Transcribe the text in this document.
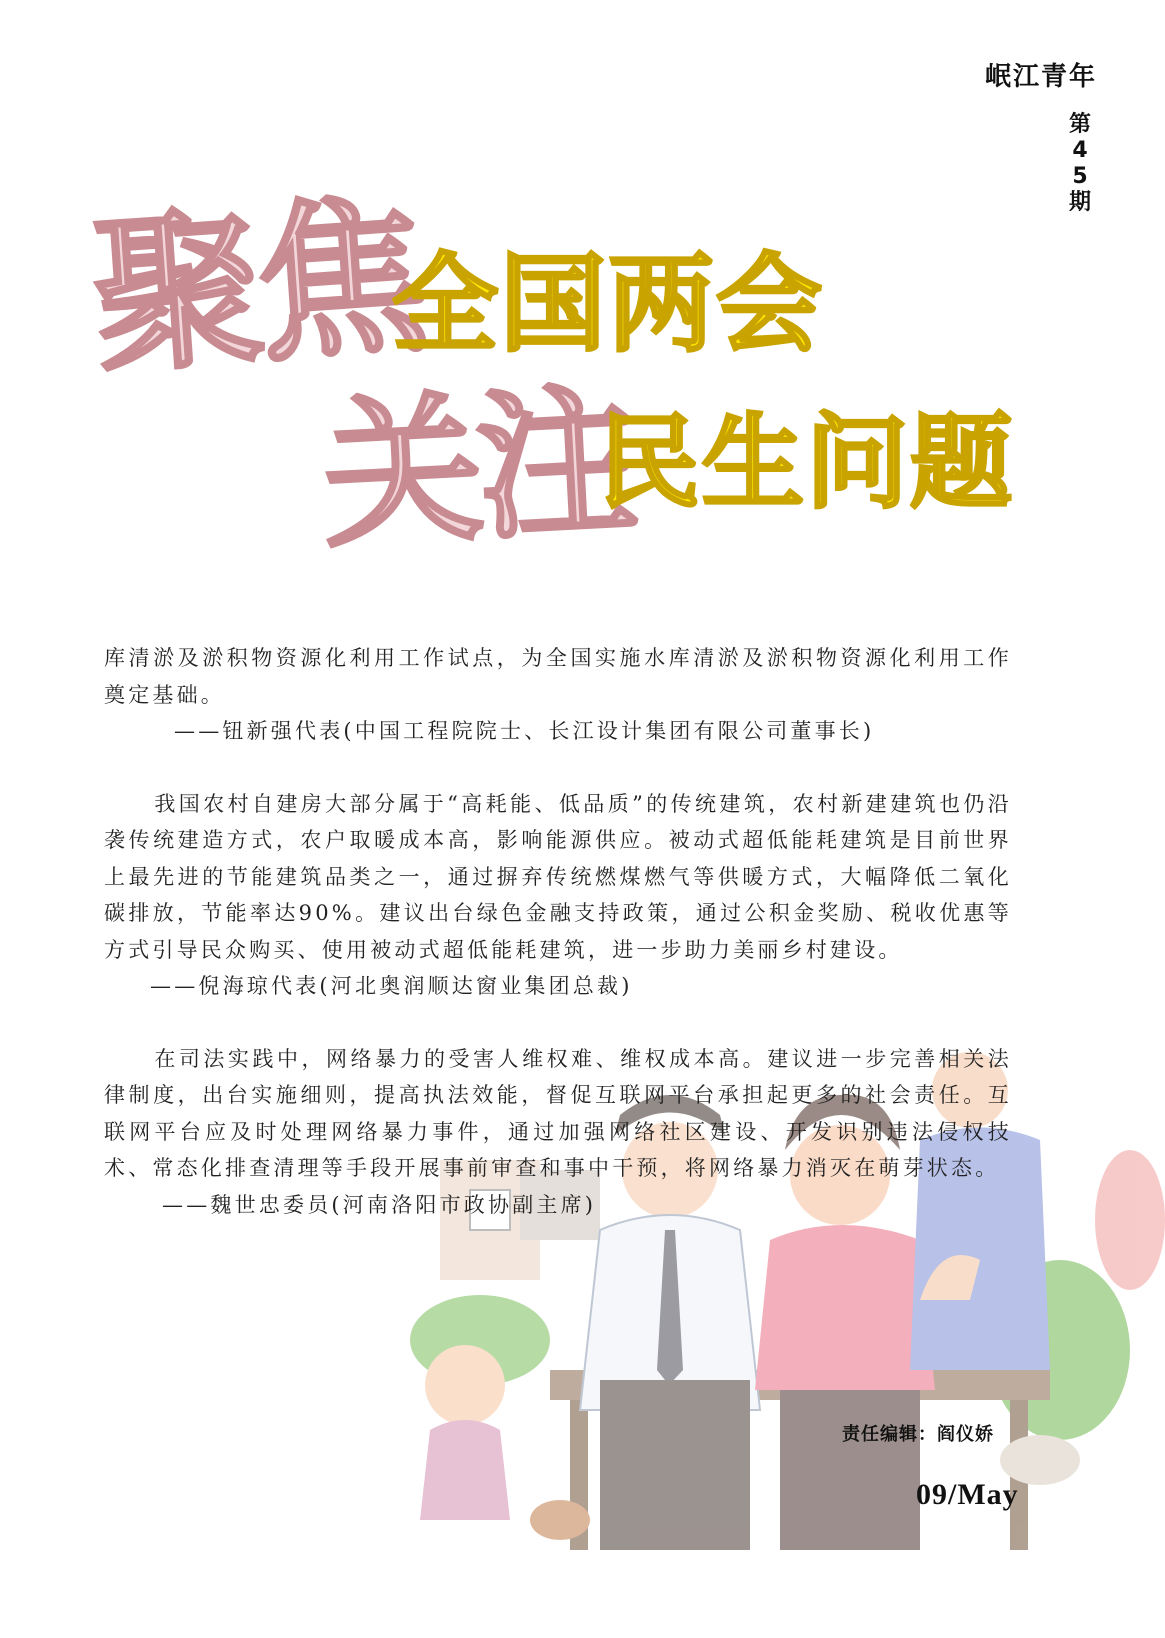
岷江青年
第45期
聚焦
全国两会
关注
民生问题

库清淤及淤积物资源化利用工作试点，为全国实施水库清淤及淤积物资源化利用工作奠定基础。

——钮新强代表(中国工程院院士、长江设计集团有限公司董事长)

我国农村自建房大部分属于“高耗能、低品质”的传统建筑，农村新建建筑也仍沿袭传统建造方式，农户取暖成本高，影响能源供应。被动式超低能耗建筑是目前世界上最先进的节能建筑品类之一，通过摒弃传统燃煤燃气等供暖方式，大幅降低二氧化碳排放，节能率达90%。建议出台绿色金融支持政策，通过公积金奖励、税收优惠等方式引导民众购买、使用被动式超低能耗建筑，进一步助力美丽乡村建设。

——倪海琼代表(河北奥润顺达窗业集团总裁)

在司法实践中，网络暴力的受害人维权难、维权成本高。建议进一步完善相关法律制度，出台实施细则，提高执法效能，督促互联网平台承担起更多的社会责任。互联网平台应及时处理网络暴力事件，通过加强网络社区建设、开发识别违法侵权技术、常态化排查清理等手段开展事前审查和事中干预，将网络暴力消灭在萌芽状态。

——魏世忠委员(河南洛阳市政协副主席)

责任编辑：阎仪娇
09/May
